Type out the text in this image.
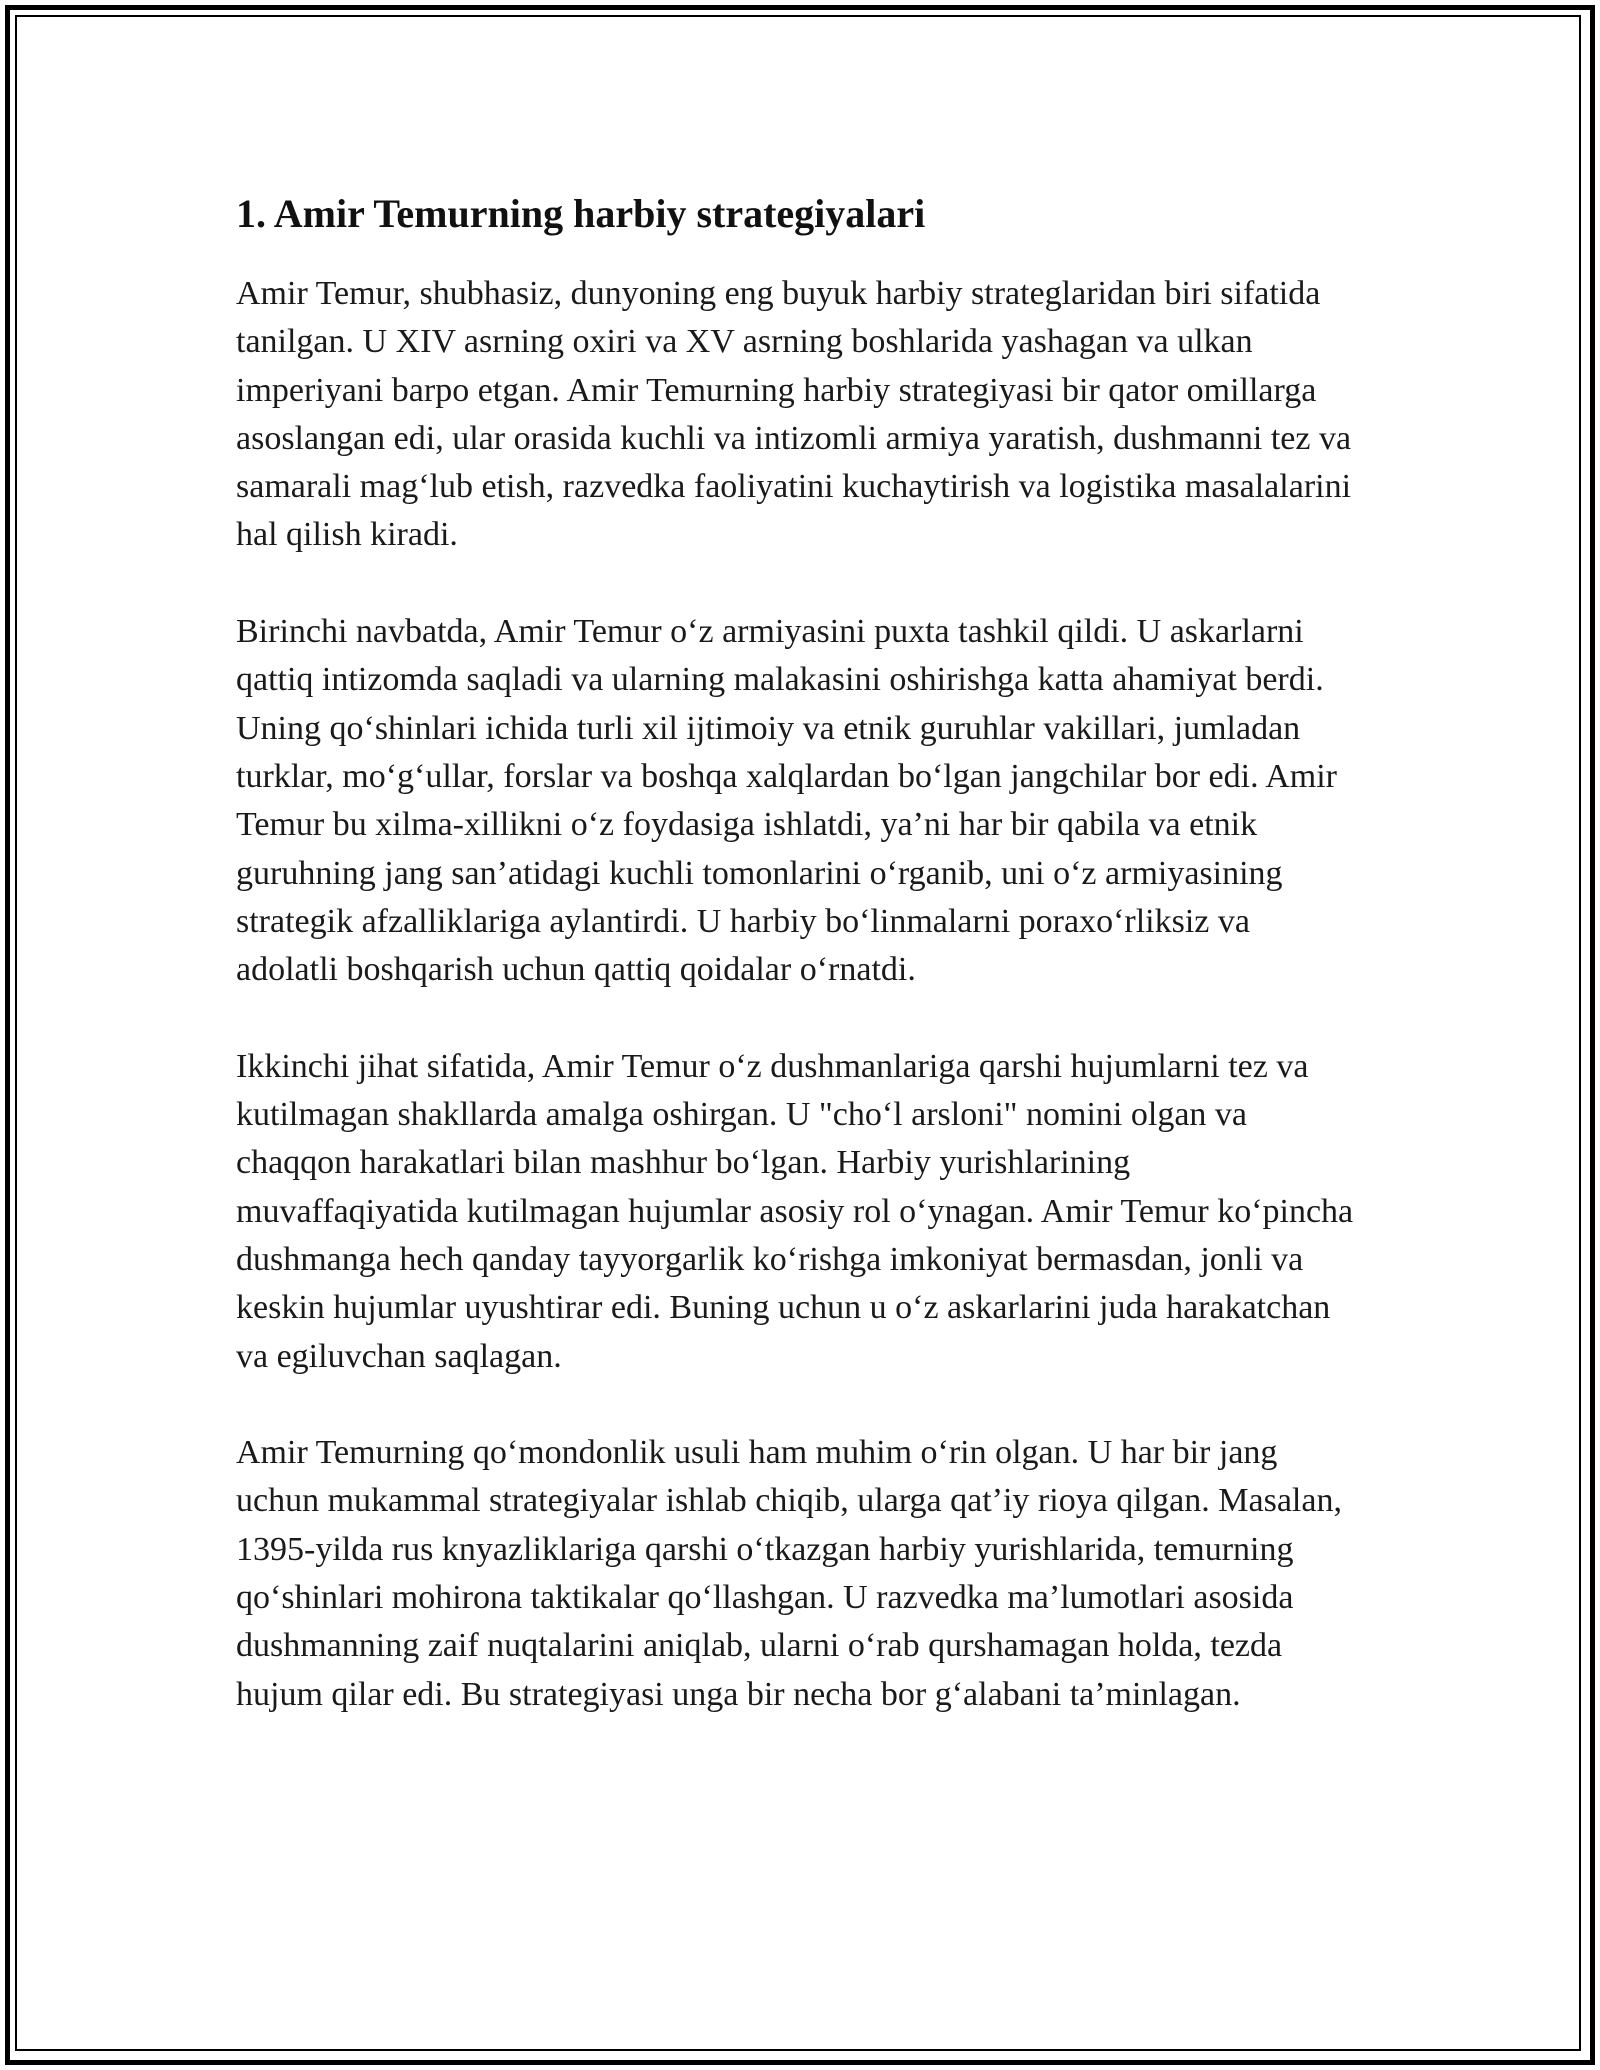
1. Amir Temurning harbiy strategiyalari

Amir Temur, shubhasiz, dunyoning eng buyuk harbiy strateglaridan biri sifatida tanilgan. U XIV asrning oxiri va XV asrning boshlarida yashagan va ulkan imperiyani barpo etgan. Amir Temurning harbiy strategiyasi bir qator omillarga asoslangan edi, ular orasida kuchli va intizomli armiya yaratish, dushmanni tez va samarali mag‘lub etish, razvedka faoliyatini kuchaytirish va logistika masalalarini hal qilish kiradi.

Birinchi navbatda, Amir Temur o‘z armiyasini puxta tashkil qildi. U askarlarni qattiq intizomda saqladi va ularning malakasini oshirishga katta ahamiyat berdi. Uning qo‘shinlari ichida turli xil ijtimoiy va etnik guruhlar vakillari, jumladan turklar, mo‘g‘ullar, forslar va boshqa xalqlardan bo‘lgan jangchilar bor edi. Amir Temur bu xilma-xillikni o‘z foydasiga ishlatdi, ya’ni har bir qabila va etnik guruhning jang san’atidagi kuchli tomonlarini o‘rganib, uni o‘z armiyasining strategik afzalliklariga aylantirdi. U harbiy bo‘linmalarni poraxo‘rliksiz va adolatli boshqarish uchun qattiq qoidalar o‘rnatdi.

Ikkinchi jihat sifatida, Amir Temur o‘z dushmanlariga qarshi hujumlarni tez va kutilmagan shakllarda amalga oshirgan. U "cho‘l arsloni" nomini olgan va chaqqon harakatlari bilan mashhur bo‘lgan. Harbiy yurishlarining muvaffaqiyatida kutilmagan hujumlar asosiy rol o‘ynagan. Amir Temur ko‘pincha dushmanga hech qanday tayyorgarlik ko‘rishga imkoniyat bermasdan, jonli va keskin hujumlar uyushtirar edi. Buning uchun u o‘z askarlarini juda harakatchan va egiluvchan saqlagan.

Amir Temurning qo‘mondonlik usuli ham muhim o‘rin olgan. U har bir jang uchun mukammal strategiyalar ishlab chiqib, ularga qat’iy rioya qilgan. Masalan, 1395-yilda rus knyazliklariga qarshi o‘tkazgan harbiy yurishlarida, temurning qo‘shinlari mohirona taktikalar qo‘llashgan. U razvedka ma’lumotlari asosida dushmanning zaif nuqtalarini aniqlab, ularni o‘rab qurshamagan holda, tezda hujum qilar edi. Bu strategiyasi unga bir necha bor g‘alabani ta’minlagan.
